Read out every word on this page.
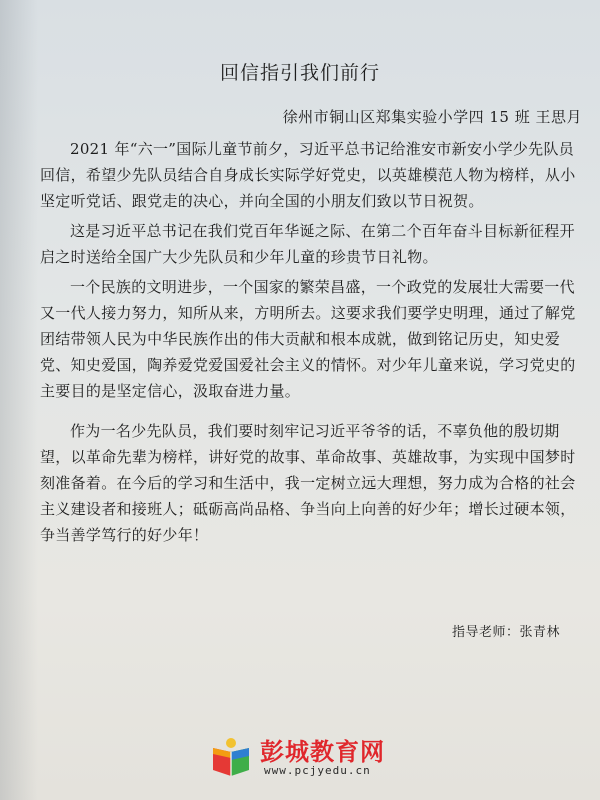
回信指引我们前行
徐州市铜山区郑集实验小学四 15 班 王思月

2021 年“六一”国际儿童节前夕，习近平总书记给淮安市新安小学少先队员回信，希望少先队员结合自身成长实际学好党史，以英雄模范人物为榜样，从小坚定听党话、跟党走的决心，并向全国的小朋友们致以节日祝贺。

这是习近平总书记在我们党百年华诞之际、在第二个百年奋斗目标新征程开启之时送给全国广大少先队员和少年儿童的珍贵节日礼物。

一个民族的文明进步，一个国家的繁荣昌盛，一个政党的发展壮大需要一代又一代人接力努力，知所从来，方明所去。这要求我们要学史明理，通过了解党团结带领人民为中华民族作出的伟大贡献和根本成就，做到铭记历史，知史爱党、知史爱国，陶养爱党爱国爱社会主义的情怀。对少年儿童来说，学习党史的主要目的是坚定信心，汲取奋进力量。

作为一名少先队员，我们要时刻牢记习近平爷爷的话，不辜负他的殷切期望，以革命先辈为榜样，讲好党的故事、革命故事、英雄故事，为实现中国梦时刻准备着。在今后的学习和生活中，我一定树立远大理想，努力成为合格的社会主义建设者和接班人；砥砺高尚品格、争当向上向善的好少年；增长过硬本领，争当善学笃行的好少年！

指导老师：张青林
彭城教育网
www.pcjyedu.cn
